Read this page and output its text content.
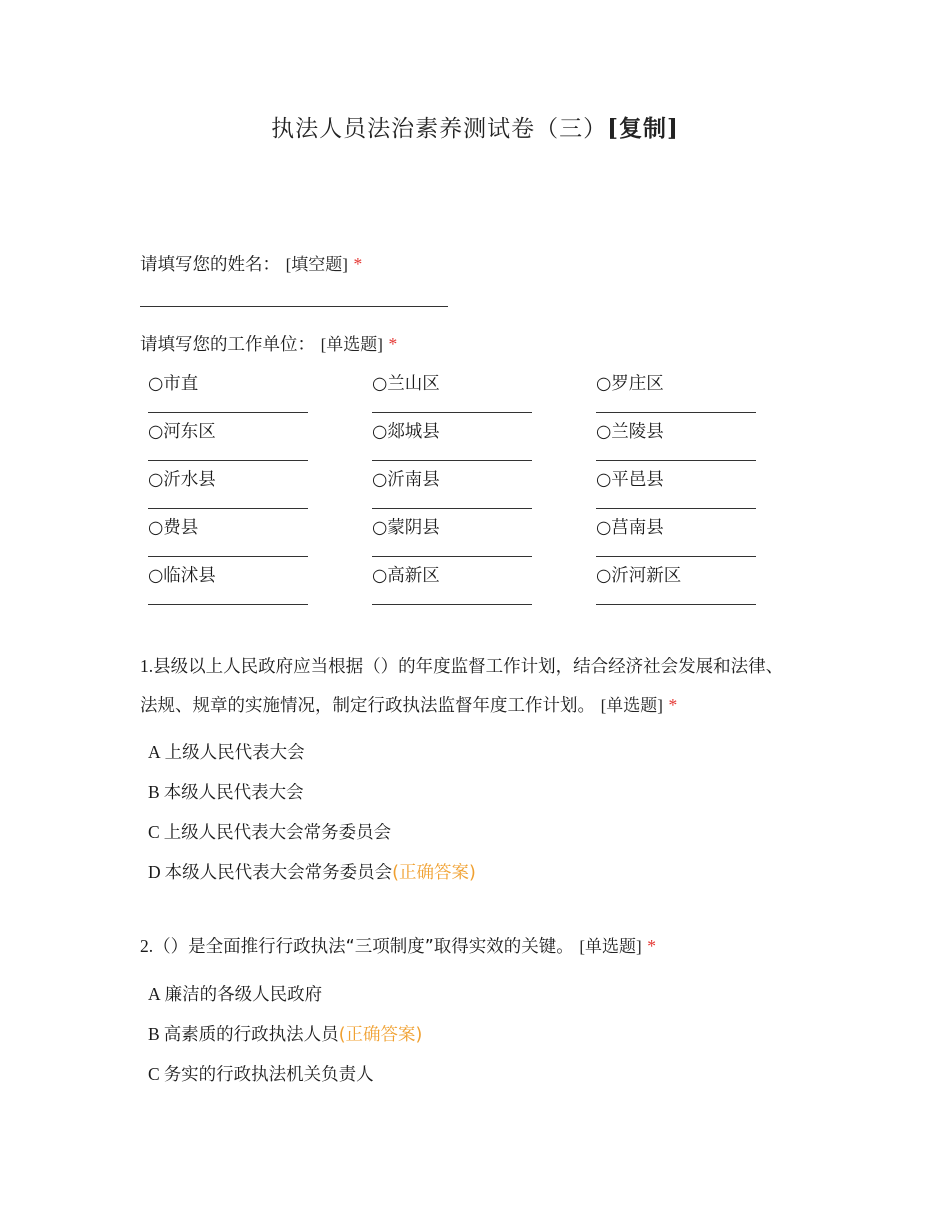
执法人员法治素养测试卷（三）[复制]
请填写您的姓名： [填空题] *
请填写您的工作单位： [单选题] *
○市直	○兰山区	○罗庄区
○河东区	○郯城县	○兰陵县
○沂水县	○沂南县	○平邑县
○费县	○蒙阴县	○莒南县
○临沭县	○高新区	○沂河新区
1.县级以上人民政府应当根据（）的年度监督工作计划，结合经济社会发展和法律、法规、规章的实施情况，制定行政执法监督年度工作计划。 [单选题] *
A 上级人民代表大会
B 本级人民代表大会
C 上级人民代表大会常务委员会
D 本级人民代表大会常务委员会(正确答案)
2.（）是全面推行行政执法“三项制度”取得实效的关键。 [单选题] *
A 廉洁的各级人民政府
B 高素质的行政执法人员(正确答案)
C 务实的行政执法机关负责人
